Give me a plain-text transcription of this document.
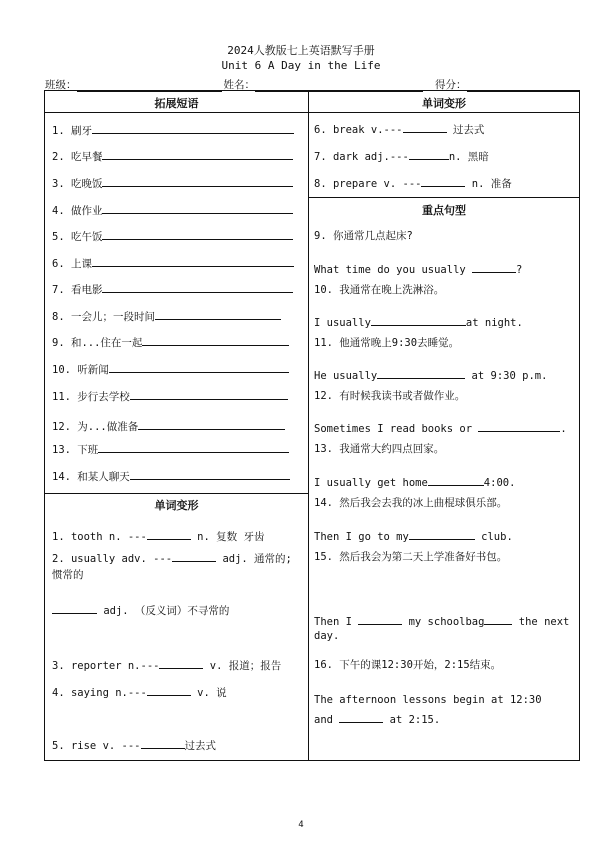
2024人教版七上英语默写手册
Unit 6 A Day in the Life
班级：	姓名：	得分：
拓展短语	单词变形
重点句型
单词变形
1. 刷牙
2. 吃早餐
3. 吃晚饭
4. 做作业
5. 吃午饭
6. 上课
7. 看电影
8. 一会儿；一段时间
9. 和...住在一起
10. 听新闻
11. 步行去学校
12. 为...做准备
13. 下班
14. 和某人聊天
1. tooth n. ---	n. 复数 牙齿
2. usually adv. ---	adj. 通常的;
惯常的
adj. （反义词）不寻常的
3. reporter n.---	v. 报道；报告
4. saying n.---	v. 说
5. rise v. ---	过去式
6. break v.---	过去式
7. dark adj.---	n. 黑暗
8. prepare v. ---	n. 准备
9. 你通常几点起床?
What time do you usually	?
10. 我通常在晚上洗淋浴。
I usually	at night.
11. 他通常晚上9:30去睡觉。
He usually	at 9:30 p.m.
12. 有时候我读书或者做作业。
Sometimes I read books or	.
13. 我通常大约四点回家。
I usually get home	4:00.
14. 然后我会去我的冰上曲棍球俱乐部。
Then I go to my	club.
15. 然后我会为第二天上学准备好书包。
Then I	my schoolbag	the next
day.
16. 下午的课12:30开始，2:15结束。
The afternoon lessons begin at 12:30
and	at 2:15.
4
